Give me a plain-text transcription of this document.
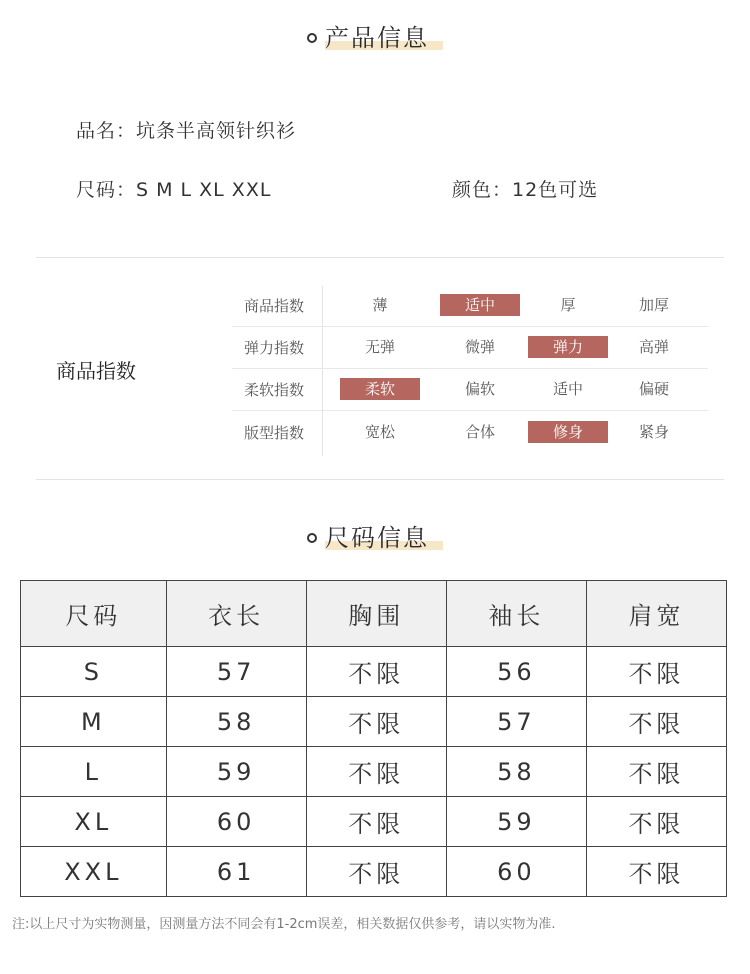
产品信息
品名：坑条半高领针织衫
尺码：S M L XL XXL	颜色：12色可选
商品指数
商品指数	薄	适中	厚	加厚
弹力指数	无弹	微弹	弹力	高弹
柔软指数	柔软	偏软	适中	偏硬
版型指数	宽松	合体	修身	紧身
尺码信息
尺码	衣长	胸围	袖长	肩宽
S	57	不限	56	不限
M	58	不限	57	不限
L	59	不限	58	不限
XL	60	不限	59	不限
XXL	61	不限	60	不限
注:以上尺寸为实物测量，因测量方法不同会有1-2cm误差，相关数据仅供参考，请以实物为准.
